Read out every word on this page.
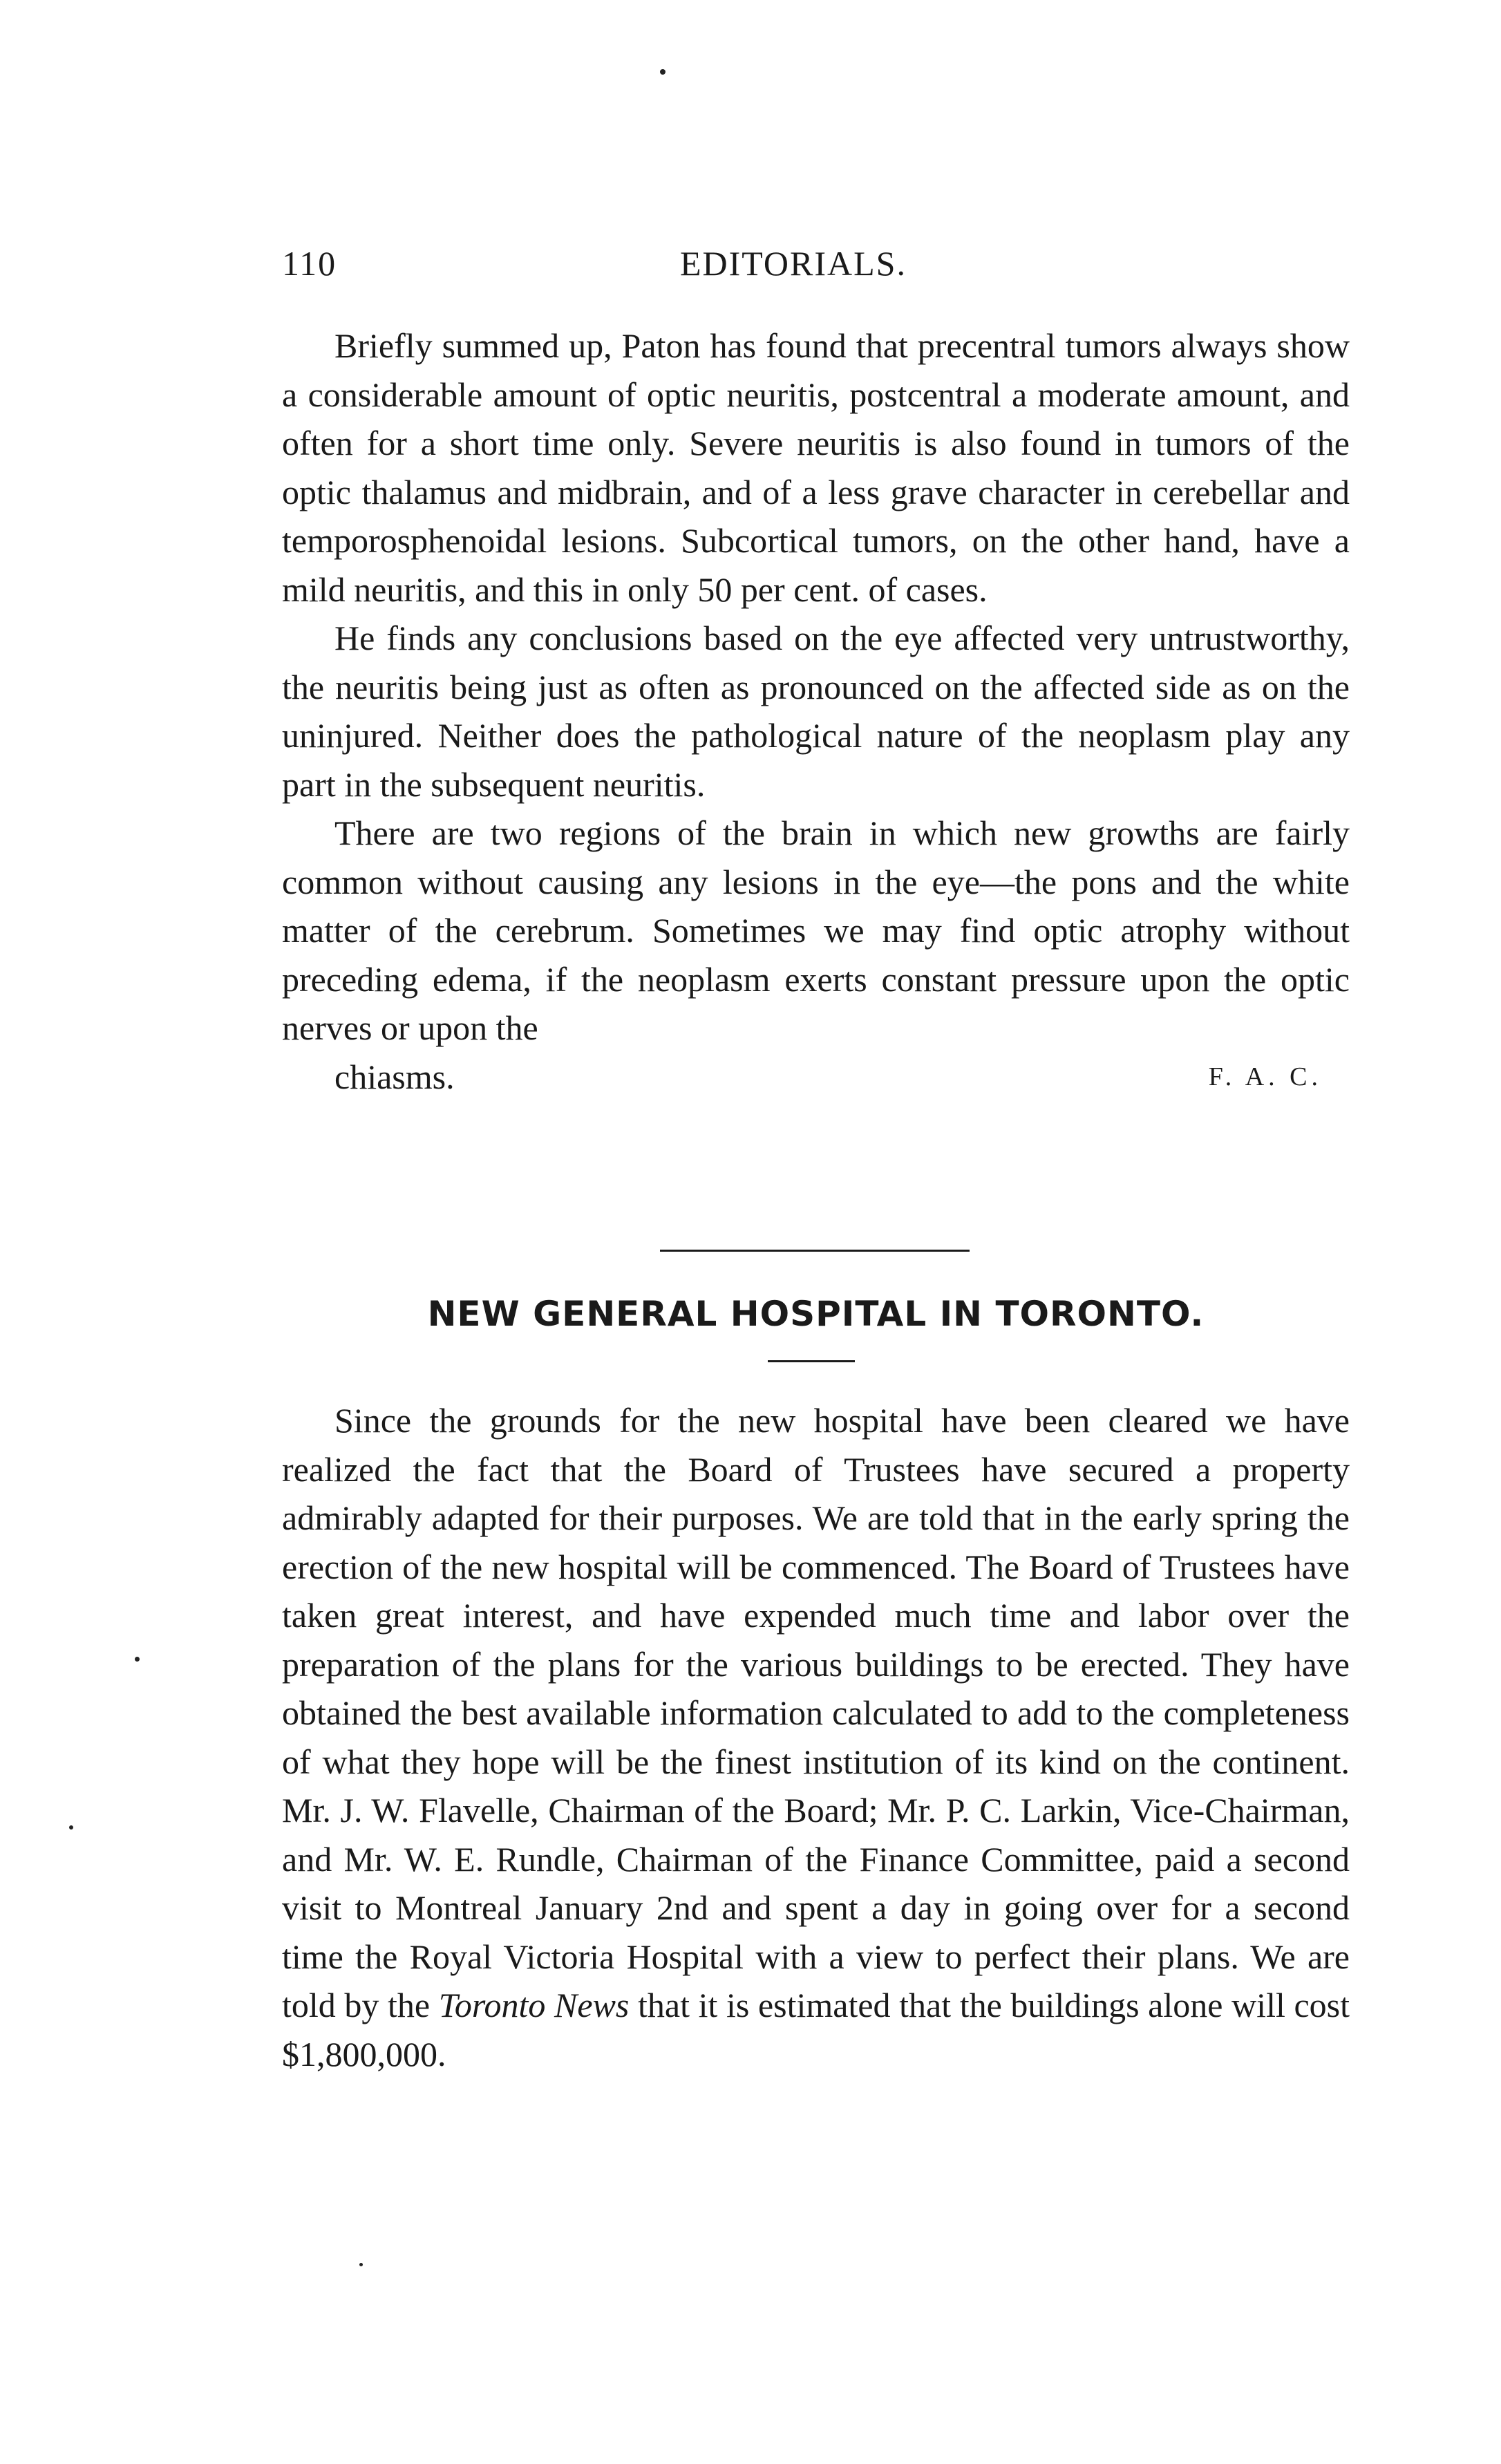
110	EDITORIALS.

Briefly summed up, Paton has found that precentral tumors always show a considerable amount of optic neuritis, postcentral a moderate amount, and often for a short time only. Severe neuritis is also found in tumors of the optic thalamus and midbrain, and of a less grave character in cerebellar and temporosphenoidal lesions. Subcortical tumors, on the other hand, have a mild neuritis, and this in only 50 per cent. of cases.

He finds any conclusions based on the eye affected very untrustworthy, the neuritis being just as often as pronounced on the affected side as on the uninjured. Neither does the pathological nature of the neoplasm play any part in the subsequent neuritis.

There are two regions of the brain in which new growths are fairly common without causing any lesions in the eye—the pons and the white matter of the cerebrum. Sometimes we may find optic atrophy without preceding edema, if the neoplasm exerts constant pressure upon the optic nerves or upon the

chiasms.	F. A. C.

NEW GENERAL HOSPITAL IN TORONTO.

Since the grounds for the new hospital have been cleared we have realized the fact that the Board of Trustees have secured a property admirably adapted for their purposes. We are told that in the early spring the erection of the new hospital will be commenced. The Board of Trustees have taken great interest, and have expended much time and labor over the preparation of the plans for the various buildings to be erected. They have obtained the best available information calculated to add to the completeness of what they hope will be the finest institution of its kind on the continent. Mr. J. W. Flavelle, Chairman of the Board; Mr. P. C. Larkin, Vice-Chairman, and Mr. W. E. Rundle, Chairman of the Finance Committee, paid a second visit to Montreal January 2nd and spent a day in going over for a second time the Royal Victoria Hospital with a view to perfect their plans. We are told by the Toronto News that it is estimated that the buildings alone will cost $1,800,000.
